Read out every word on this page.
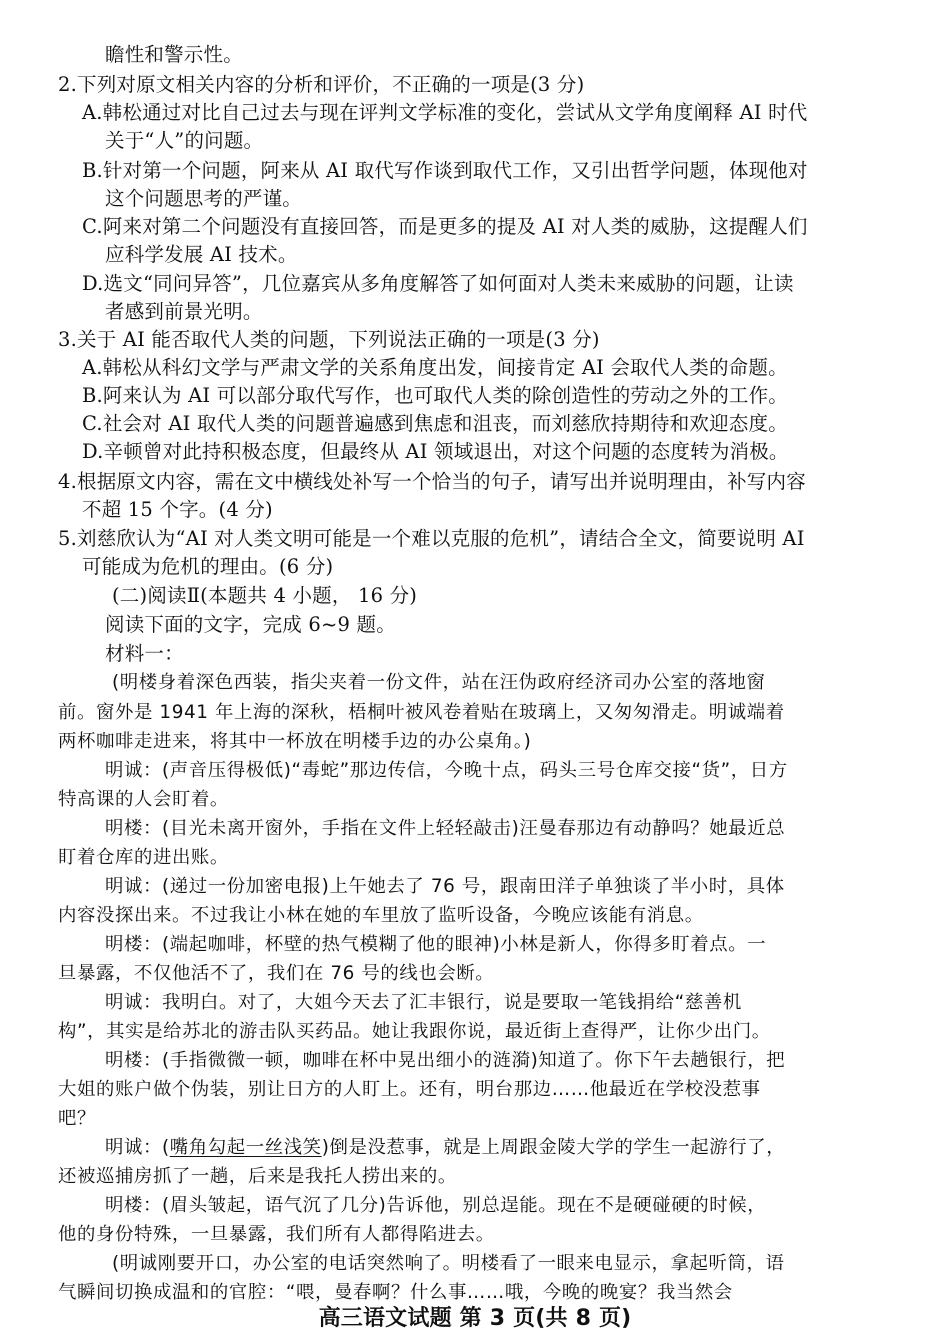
瞻性和警示性。
2.下列对原文相关内容的分析和评价，不正确的一项是(3 分)
A.韩松通过对比自己过去与现在评判文学标准的变化，尝试从文学角度阐释 AI 时代
关于“人”的问题。
B.针对第一个问题，阿来从 AI 取代写作谈到取代工作，又引出哲学问题，体现他对
这个问题思考的严谨。
C.阿来对第二个问题没有直接回答，而是更多的提及 AI 对人类的威胁，这提醒人们
应科学发展 AI 技术。
D.选文“同问异答”，几位嘉宾从多角度解答了如何面对人类未来威胁的问题，让读
者感到前景光明。
3.关于 AI 能否取代人类的问题，下列说法正确的一项是(3 分)
A.韩松从科幻文学与严肃文学的关系角度出发，间接肯定 AI 会取代人类的命题。
B.阿来认为 AI 可以部分取代写作，也可取代人类的除创造性的劳动之外的工作。
C.社会对 AI 取代人类的问题普遍感到焦虑和沮丧，而刘慈欣持期待和欢迎态度。
D.辛顿曾对此持积极态度，但最终从 AI 领域退出，对这个问题的态度转为消极。
4.根据原文内容，需在文中横线处补写一个恰当的句子，请写出并说明理由，补写内容
不超 15 个字。(4 分)
5.刘慈欣认为“AI 对人类文明可能是一个难以克服的危机”，请结合全文，简要说明 AI
可能成为危机的理由。(6 分)
(二)阅读Ⅱ(本题共 4 小题， 16 分)
阅读下面的文字，完成 6~9 题。
材料一：
(明楼身着深色西装，指尖夹着一份文件，站在汪伪政府经济司办公室的落地窗
前。窗外是 1941 年上海的深秋，梧桐叶被风卷着贴在玻璃上，又匆匆滑走。明诚端着
两杯咖啡走进来，将其中一杯放在明楼手边的办公桌角。)
明诚：(声音压得极低)“毒蛇”那边传信，今晚十点，码头三号仓库交接“货”，日方
特高课的人会盯着。
明楼：(目光未离开窗外，手指在文件上轻轻敲击)汪曼春那边有动静吗？她最近总
盯着仓库的进出账。
明诚：(递过一份加密电报)上午她去了 76 号，跟南田洋子单独谈了半小时，具体
内容没探出来。不过我让小林在她的车里放了监听设备，今晚应该能有消息。
明楼：(端起咖啡，杯壁的热气模糊了他的眼神)小林是新人，你得多盯着点。一
旦暴露，不仅他活不了，我们在 76 号的线也会断。
明诚：我明白。对了，大姐今天去了汇丰银行，说是要取一笔钱捐给“慈善机
构”，其实是给苏北的游击队买药品。她让我跟你说，最近街上查得严，让你少出门。
明楼：(手指微微一顿，咖啡在杯中晃出细小的涟漪)知道了。你下午去趟银行，把
大姐的账户做个伪装，别让日方的人盯上。还有，明台那边……他最近在学校没惹事
吧？
明诚：(嘴角勾起一丝浅笑)倒是没惹事，就是上周跟金陵大学的学生一起游行了，
还被巡捕房抓了一趟，后来是我托人捞出来的。
明楼：(眉头皱起，语气沉了几分)告诉他，别总逞能。现在不是硬碰硬的时候，
他的身份特殊，一旦暴露，我们所有人都得陷进去。
(明诚刚要开口，办公室的电话突然响了。明楼看了一眼来电显示，拿起听筒，语
气瞬间切换成温和的官腔：“喂，曼春啊？什么事……哦，今晚的晚宴？我当然会
高三语文试题 第 3 页(共 8 页)
